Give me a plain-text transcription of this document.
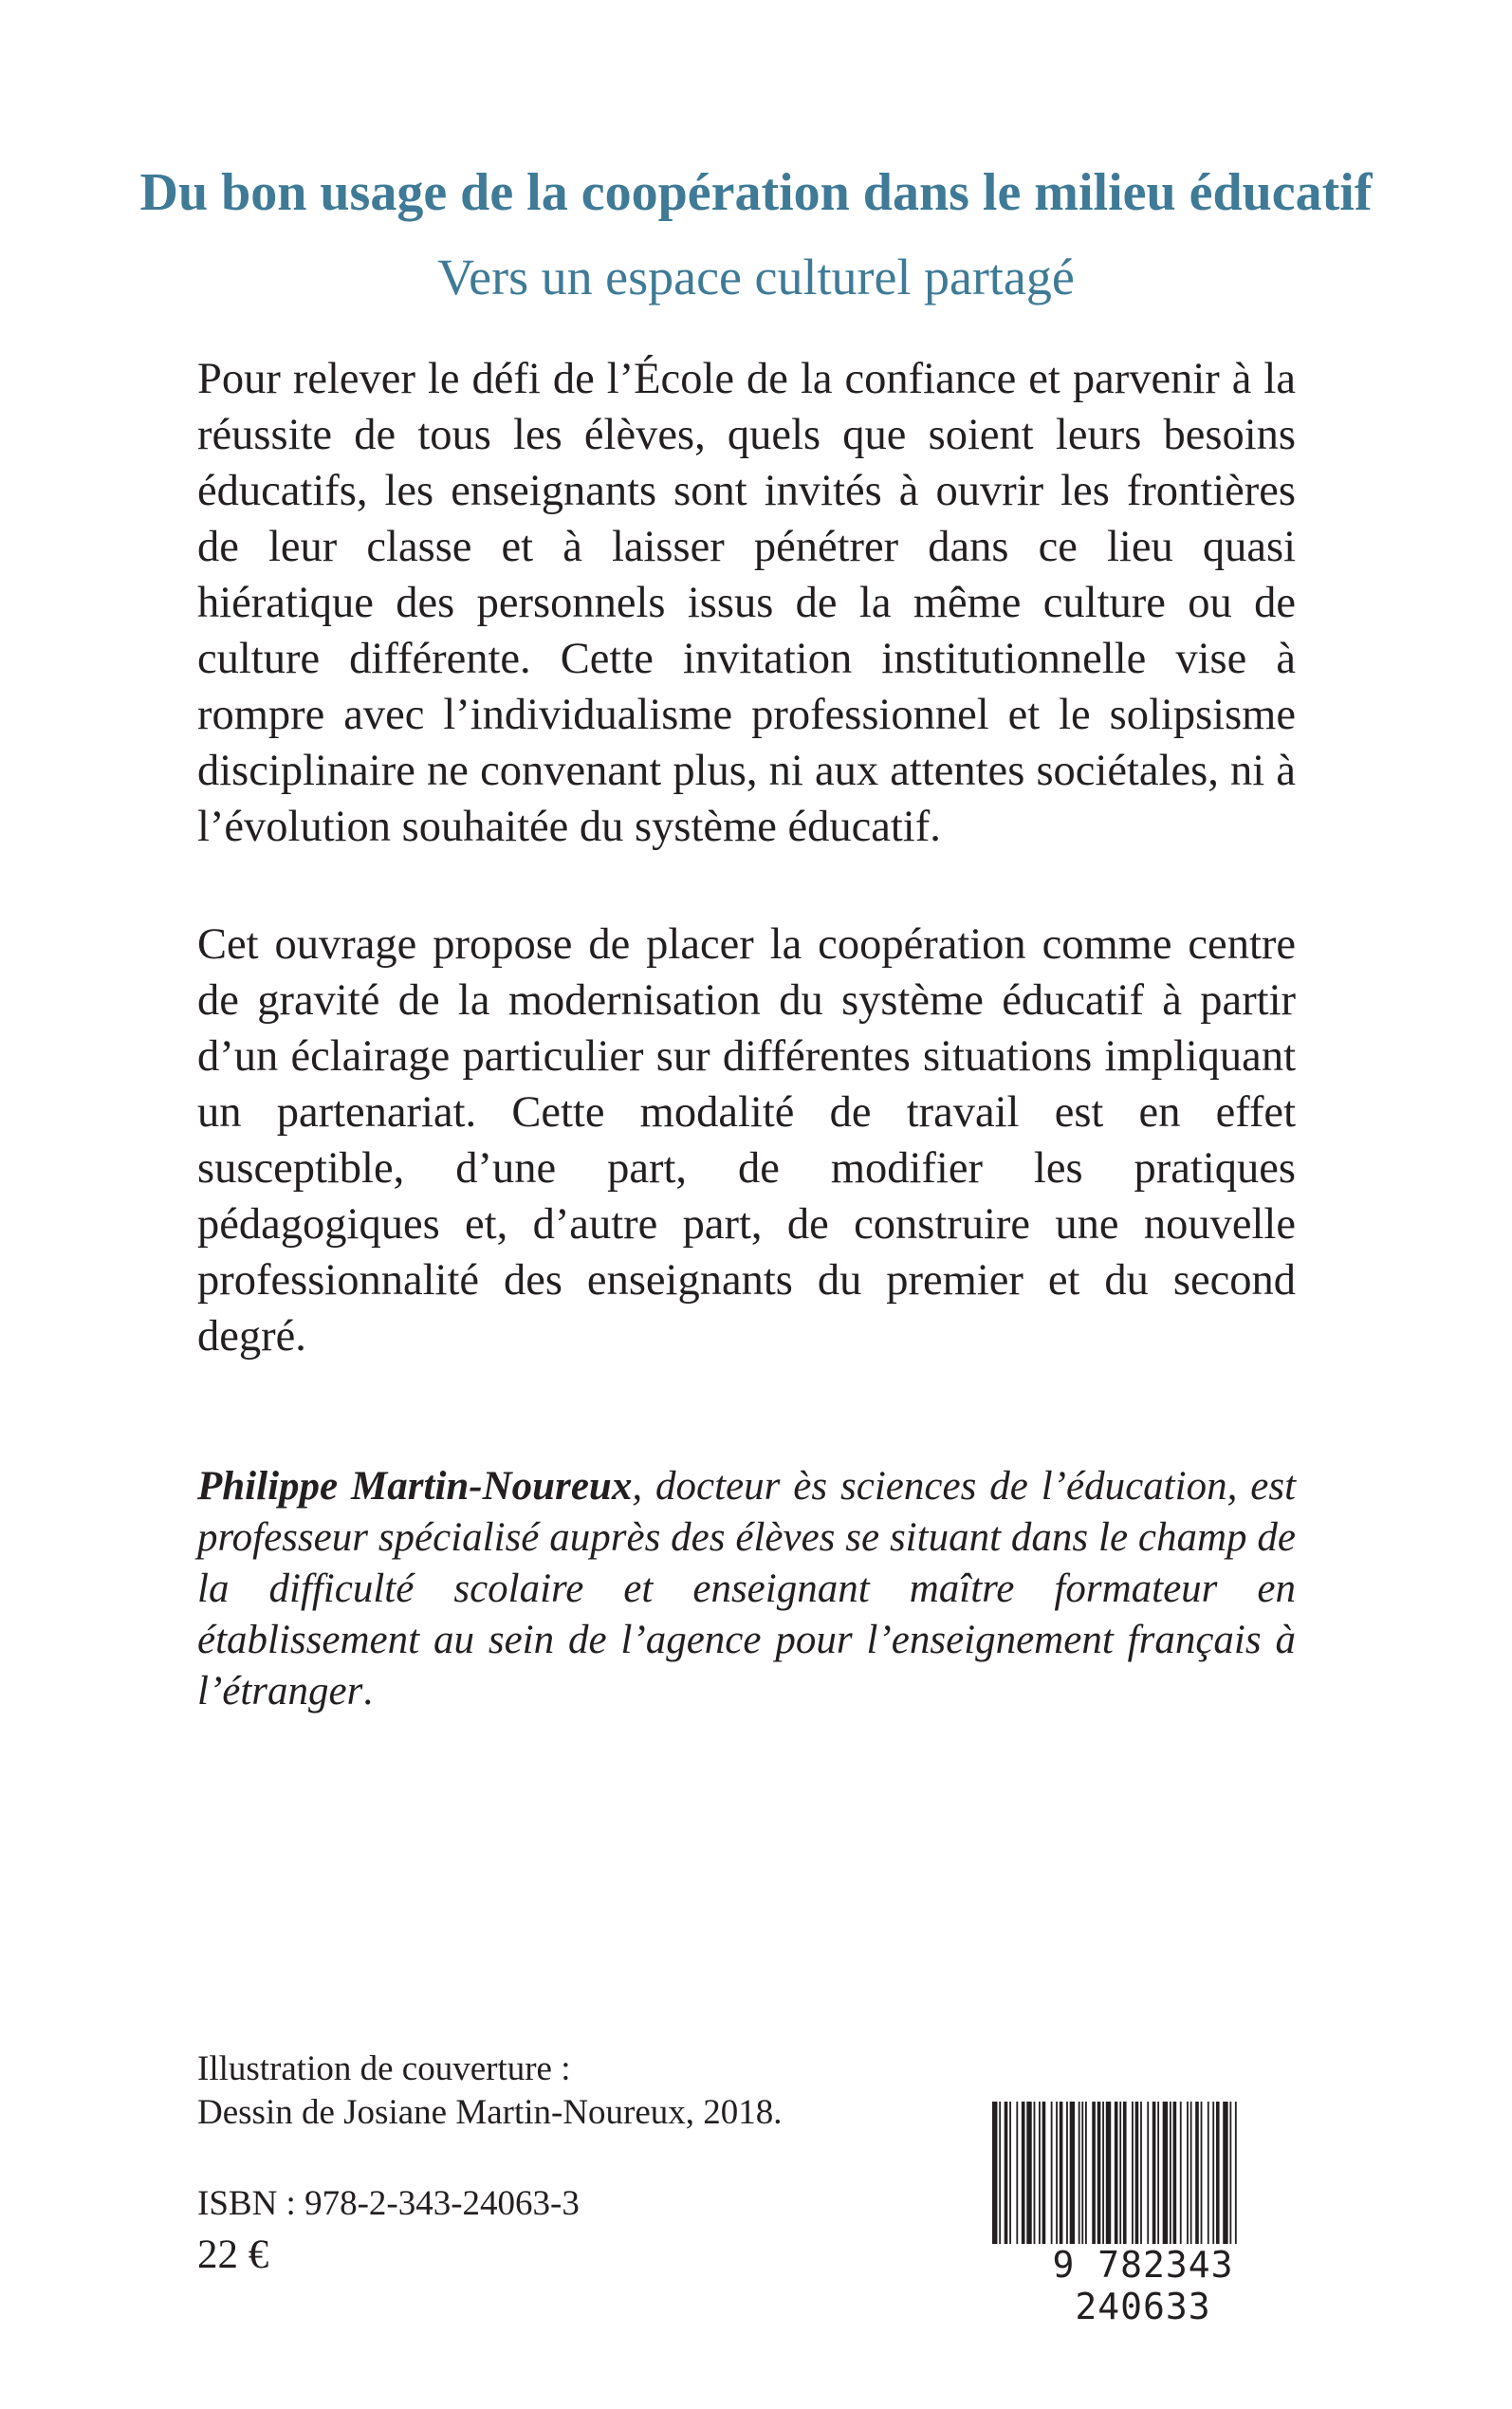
Du bon usage de la coopération dans le milieu éducatif
Vers un espace culturel partagé

Pour relever le défi de l’École de la confiance et parvenir à la réussite de tous les élèves, quels que soient leurs besoins éducatifs, les enseignants sont invités à ouvrir les frontières de leur classe et à laisser pénétrer dans ce lieu quasi hiératique des personnels issus de la même culture ou de culture différente. Cette invitation institutionnelle vise à rompre avec l’individualisme professionnel et le solipsisme disciplinaire ne convenant plus, ni aux attentes sociétales, ni à l’évolution souhaitée du système éducatif.

Cet ouvrage propose de placer la coopération comme centre de gravité de la modernisation du système éducatif à partir d’un éclairage particulier sur différentes situations impliquant un partenariat. Cette modalité de travail est en effet susceptible, d’une part, de modifier les pratiques pédagogiques et, d’autre part, de construire une nouvelle professionnalité des enseignants du premier et du second degré.

Philippe Martin-Noureux, docteur ès sciences de l’éducation, est professeur spécialisé auprès des élèves se situant dans le champ de la difficulté scolaire et enseignant maître formateur en établissement au sein de l’agence pour l’enseignement français à l’étranger.

Illustration de couverture :
Dessin de Josiane Martin-Noureux, 2018.
ISBN : 978-2-343-24063-3
22 €	9 782343 240633
